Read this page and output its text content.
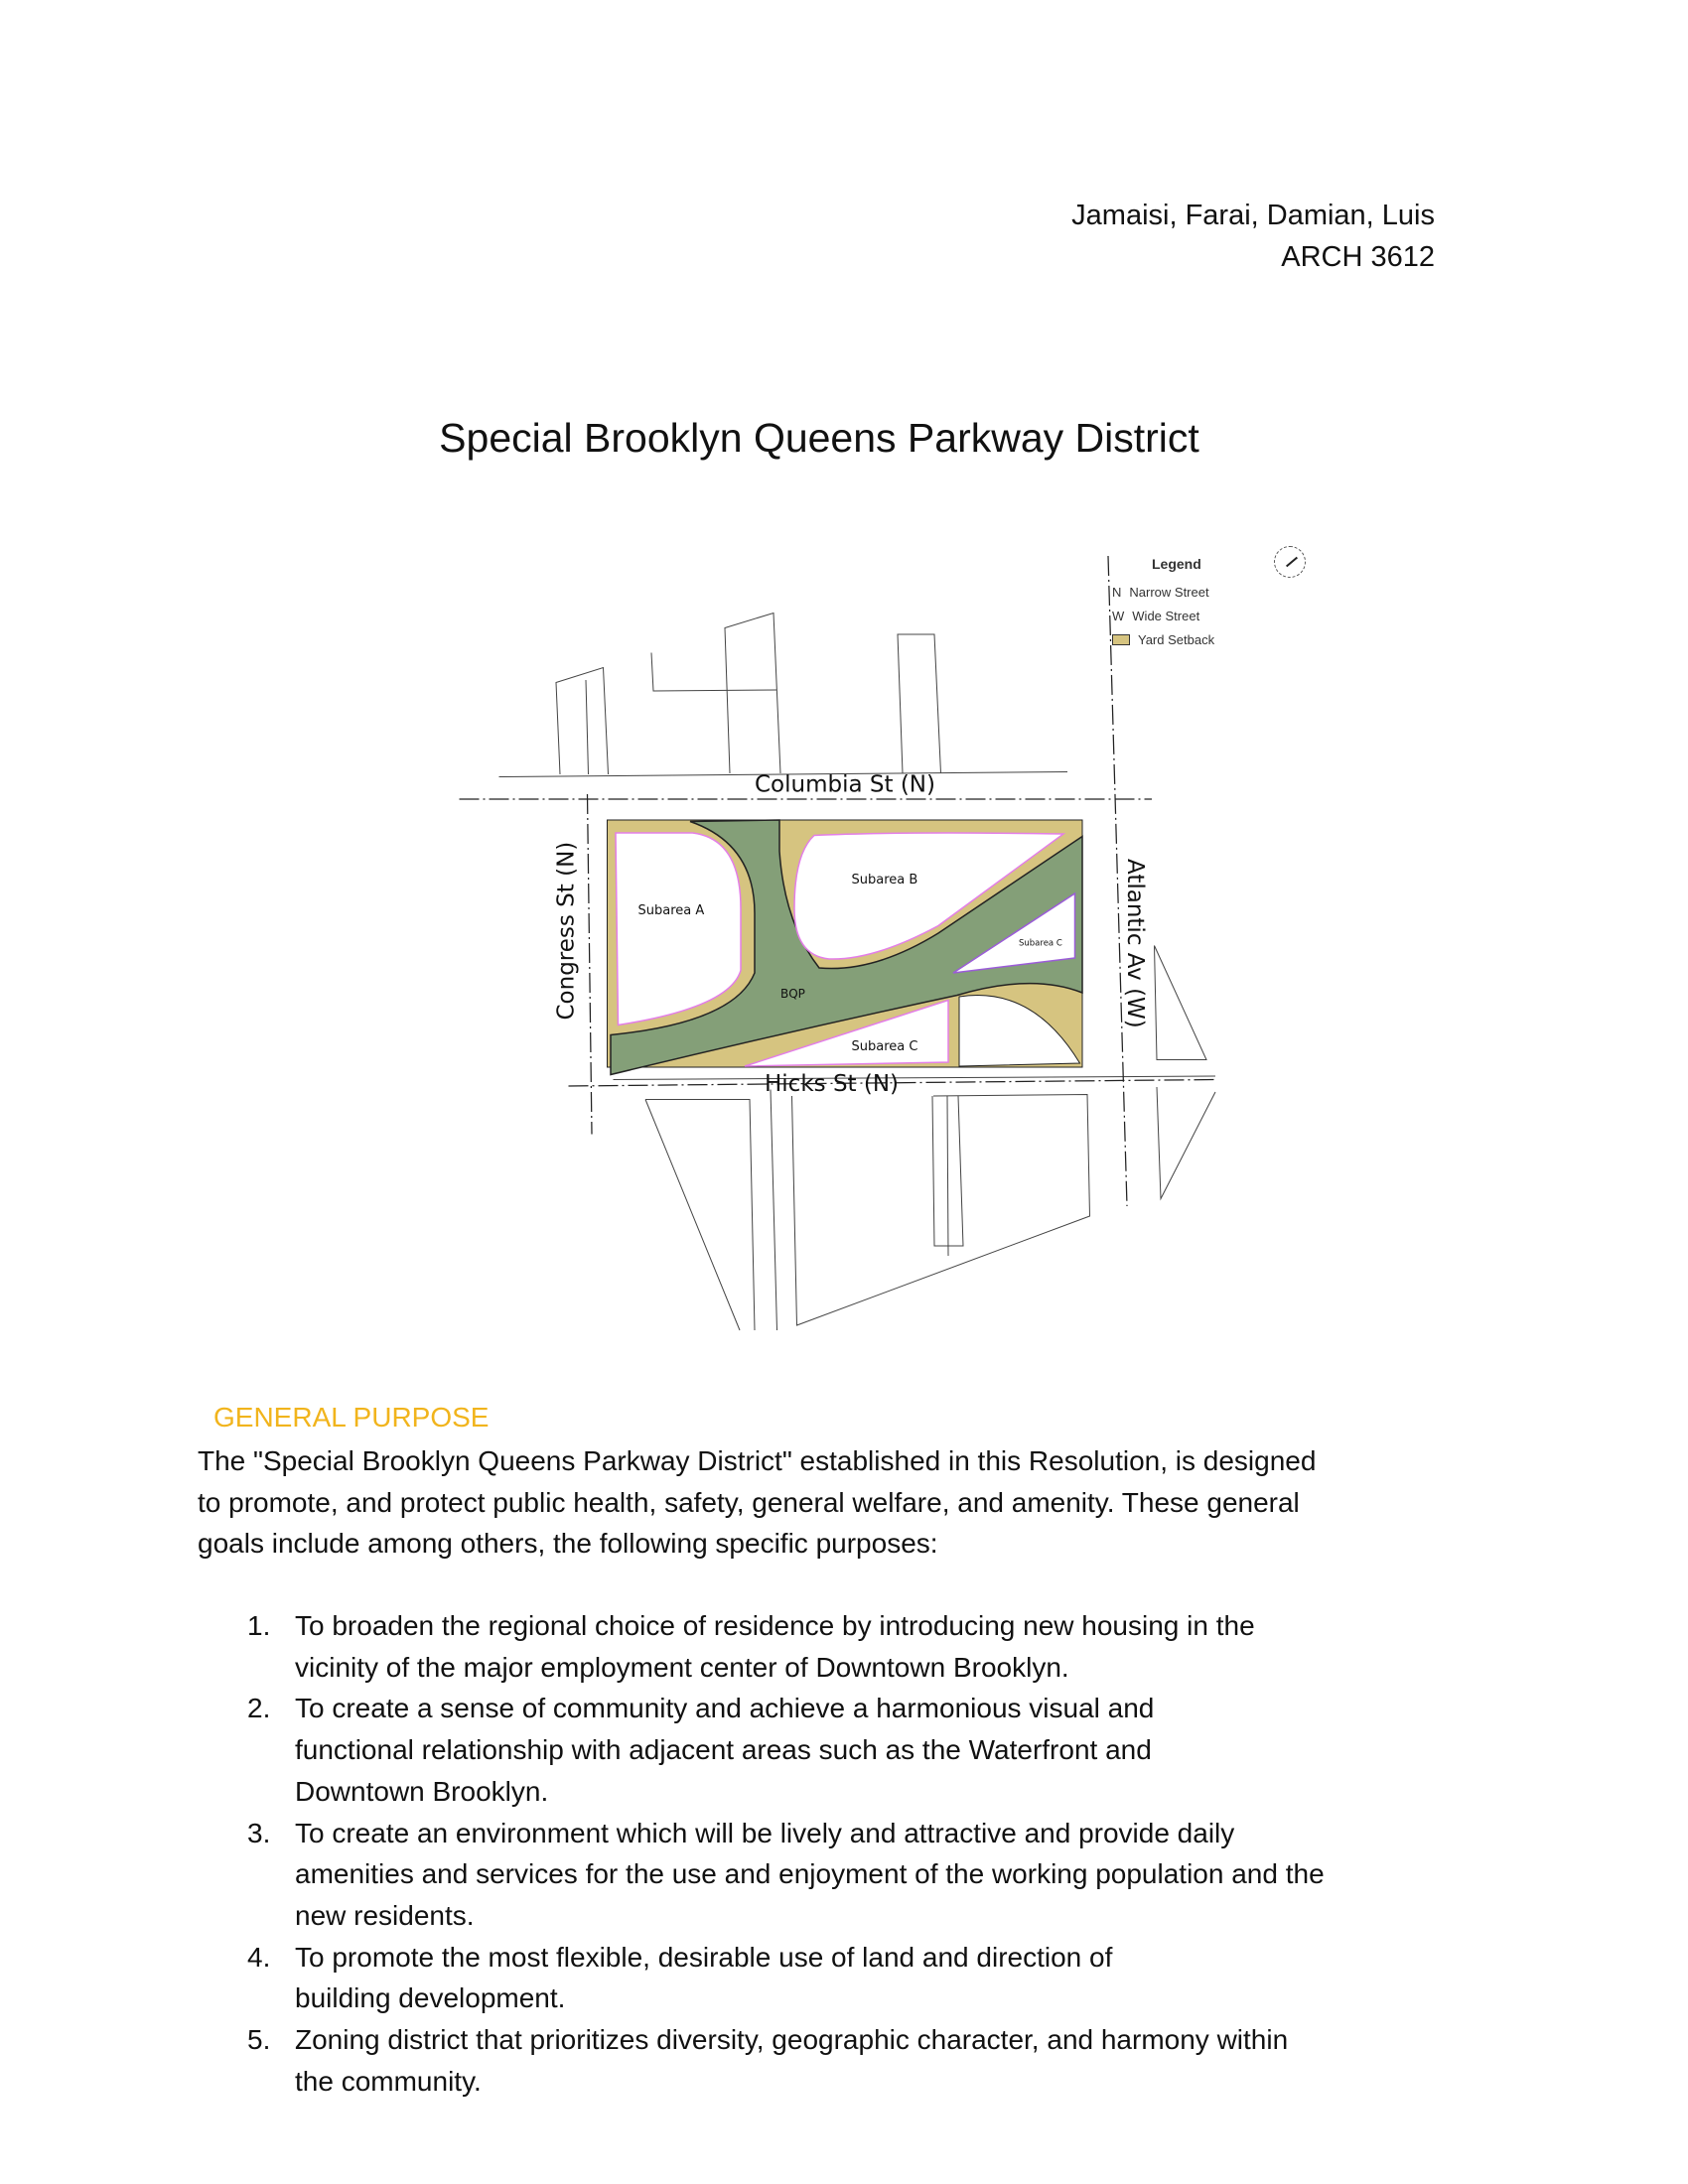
Jamaisi, Farai, Damian, Luis
ARCH 3612
Special Brooklyn Queens Parkway District
Columbia St (N)
Hicks St (N)
Congress St (N)	Atlantic Av (W)
Subarea A
Subarea B
Subarea C
Subarea C
BQP
Legend
N Narrow Street
W Wide Street
Yard Setback
GENERAL PURPOSE
The "Special Brooklyn Queens Parkway District" established in this Resolution, is designed
to promote, and protect public health, safety, general welfare, and amenity. These general
goals include among others, the following specific purposes:
1. To broaden the regional choice of residence by introducing new housing in the
vicinity of the major employment center of Downtown Brooklyn.
2. To create a sense of community and achieve a harmonious visual and
functional relationship with adjacent areas such as the Waterfront and
Downtown Brooklyn.
3. To create an environment which will be lively and attractive and provide daily
amenities and services for the use and enjoyment of the working population and the
new residents.
4. To promote the most flexible, desirable use of land and direction of
building development.
5. Zoning district that prioritizes diversity, geographic character, and harmony within
the community.
